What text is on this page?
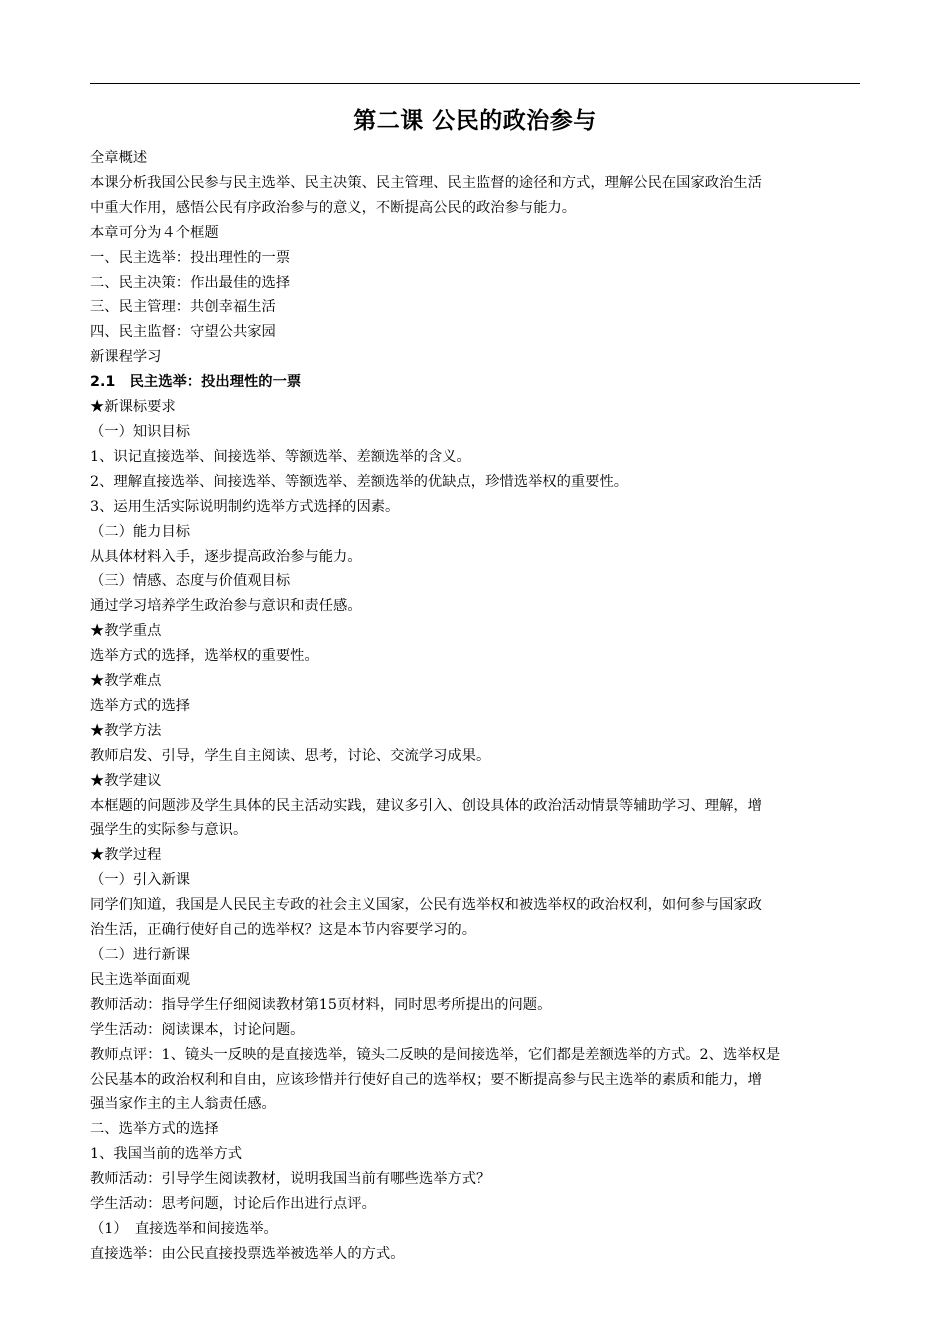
第二课 公民的政治参与

全章概述

本课分析我国公民参与民主选举、民主决策、民主管理、民主监督的途径和方式，理解公民在国家政治生活

中重大作用，感悟公民有序政治参与的意义，不断提高公民的政治参与能力。

本章可分为４个框题

一、民主选举：投出理性的一票

二、民主决策：作出最佳的选择

三、民主管理：共创幸福生活

四、民主监督：守望公共家园

新课程学习

2.1　民主选举：投出理性的一票

★新课标要求

（一）知识目标

1、识记直接选举、间接选举、等额选举、差额选举的含义。

2、理解直接选举、间接选举、等额选举、差额选举的优缺点，珍惜选举权的重要性。

3、运用生活实际说明制约选举方式选择的因素。

（二）能力目标

从具体材料入手，逐步提高政治参与能力。

（三）情感、态度与价值观目标

通过学习培养学生政治参与意识和责任感。

★教学重点

选举方式的选择，选举权的重要性。

★教学难点

选举方式的选择

★教学方法

教师启发、引导，学生自主阅读、思考，讨论、交流学习成果。

★教学建议

本框题的问题涉及学生具体的民主活动实践，建议多引入、创设具体的政治活动情景等辅助学习、理解，增

强学生的实际参与意识。

★教学过程

（一）引入新课

同学们知道，我国是人民民主专政的社会主义国家，公民有选举权和被选举权的政治权利，如何参与国家政

治生活，正确行使好自己的选举权？这是本节内容要学习的。

（二）进行新课

民主选举面面观

教师活动：指导学生仔细阅读教材第15页材料，同时思考所提出的问题。

学生活动：阅读课本，讨论问题。

教师点评：1、镜头一反映的是直接选举，镜头二反映的是间接选举，它们都是差额选举的方式。2、选举权是

公民基本的政治权利和自由，应该珍惜并行使好自己的选举权；要不断提高参与民主选举的素质和能力，增

强当家作主的主人翁责任感。

二、选举方式的选择

1、我国当前的选举方式

教师活动：引导学生阅读教材，说明我国当前有哪些选举方式？

学生活动：思考问题，讨论后作出进行点评。

（1）　直接选举和间接选举。

直接选举：由公民直接投票选举被选举人的方式。
